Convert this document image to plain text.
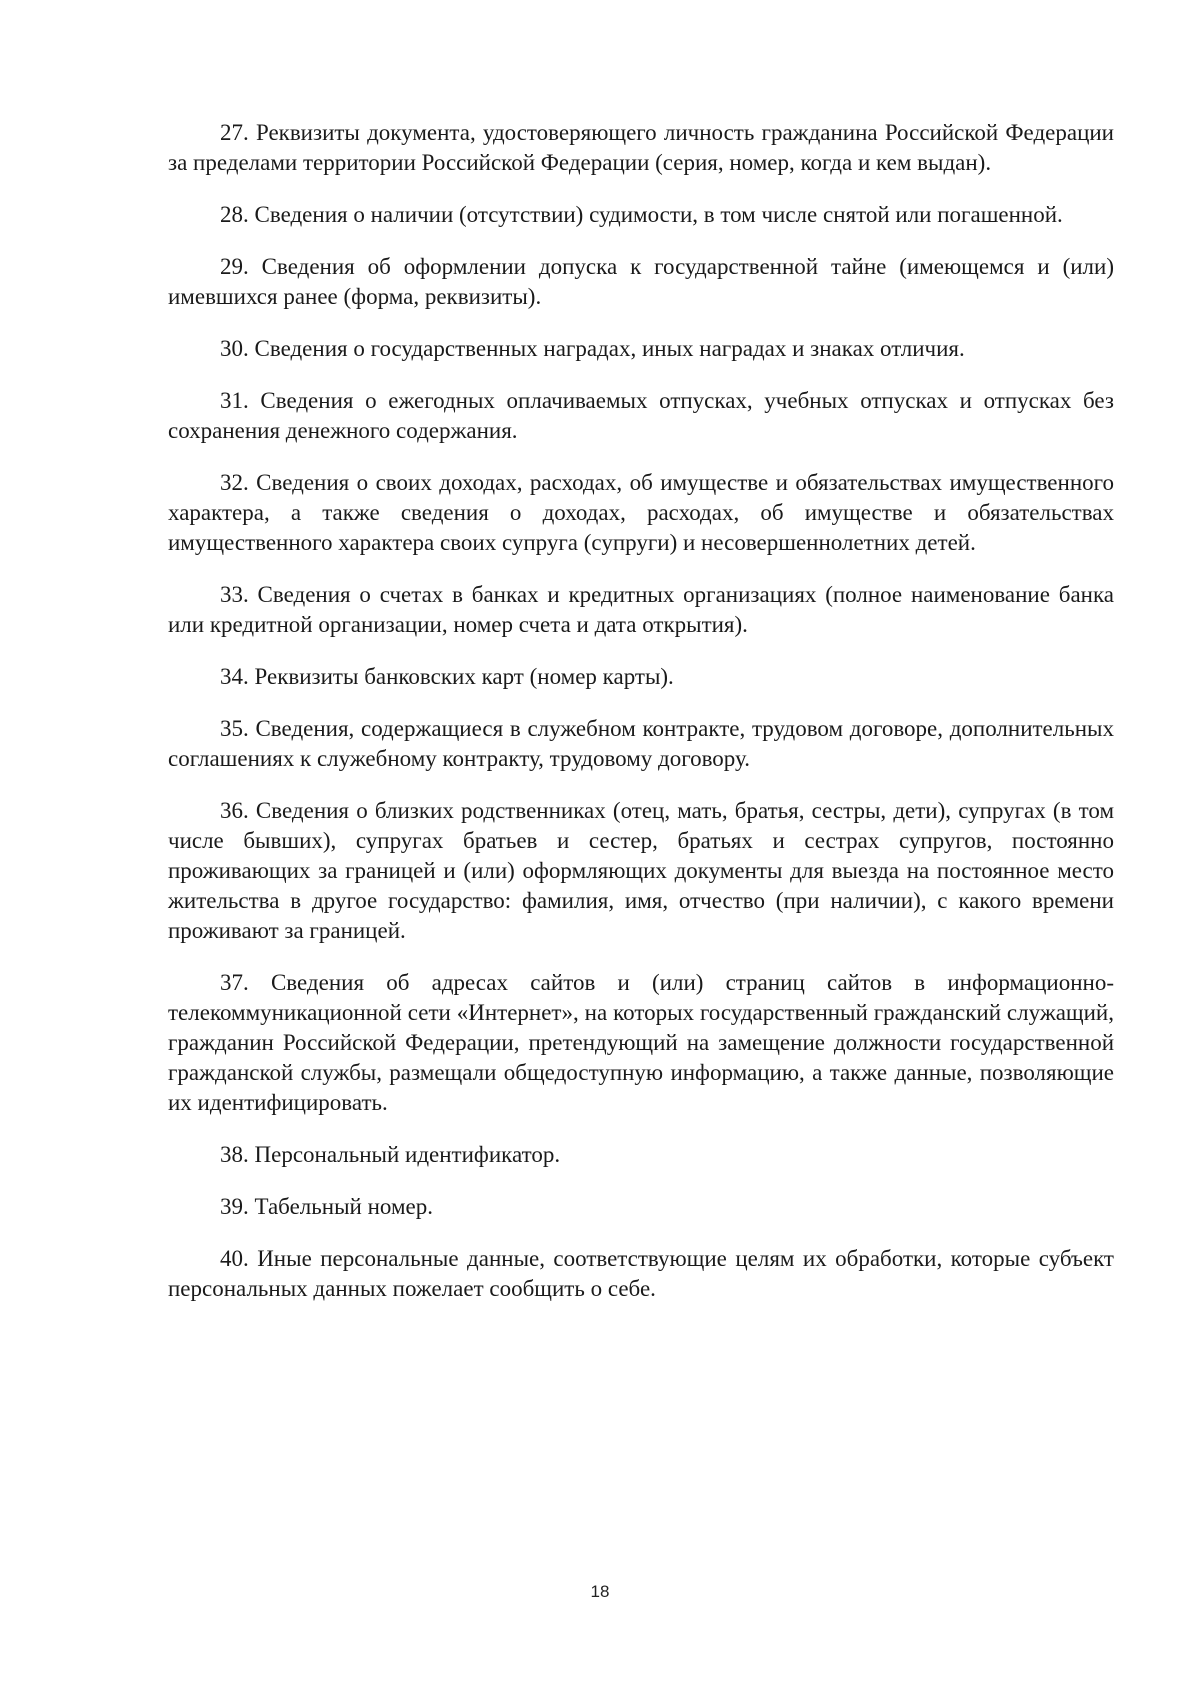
27. Реквизиты документа, удостоверяющего личность гражданина Российской Федерации за пределами территории Российской Федерации (серия, номер, когда и кем выдан).

28. Сведения о наличии (отсутствии) судимости, в том числе снятой или погашенной.

29. Сведения об оформлении допуска к государственной тайне (имеющемся и (или) имевшихся ранее (форма, реквизиты).

30. Сведения о государственных наградах, иных наградах и знаках отличия.

31. Сведения о ежегодных оплачиваемых отпусках, учебных отпусках и отпусках без сохранения денежного содержания.

32. Сведения о своих доходах, расходах, об имуществе и обязательствах имущественного характера, а также сведения о доходах, расходах, об имуществе и обязательствах имущественного характера своих супруга (супруги) и несовершеннолетних детей.

33. Сведения о счетах в банках и кредитных организациях (полное наименование банка или кредитной организации, номер счета и дата открытия).

34. Реквизиты банковских карт (номер карты).

35. Сведения, содержащиеся в служебном контракте, трудовом договоре, дополнительных соглашениях к служебному контракту, трудовому договору.

36. Сведения о близких родственниках (отец, мать, братья, сестры, дети), супругах (в том числе бывших), супругах братьев и сестер, братьях и сестрах супругов, постоянно проживающих за границей и (или) оформляющих документы для выезда на постоянное место жительства в другое государство: фамилия, имя, отчество (при наличии), с какого времени проживают за границей.

37. Сведения об адресах сайтов и (или) страниц сайтов в информационно-телекоммуникационной сети «Интернет», на которых государственный гражданский служащий, гражданин Российской Федерации, претендующий на замещение должности государственной гражданской службы, размещали общедоступную информацию, а также данные, позволяющие их идентифицировать.

38. Персональный идентификатор.

39. Табельный номер.

40. Иные персональные данные, соответствующие целям их обработки, которые субъект персональных данных пожелает сообщить о себе.

18
